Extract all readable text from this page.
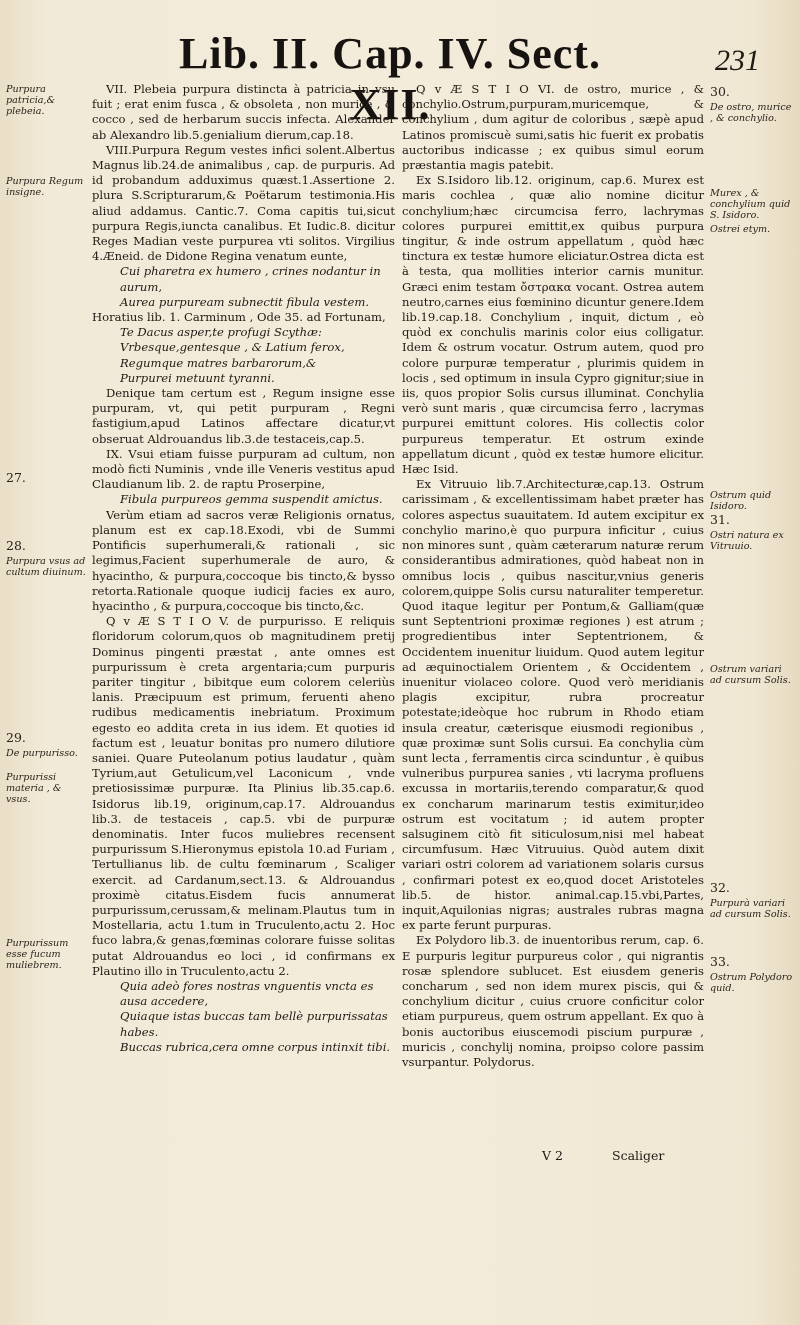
Lib. II. Cap. IV. Sect. XII.
231
Purpura patricia,& plebeia.
Purpura Regum insigne.
27.
28.
Purpura vsus ad cultum diuinum.
29.
De purpurisso.
Purpurissi materia , & vsus.
Purpurissum esse fucum muliebrem.
30.
De ostro, murice , & conchylio.
Murex , & conchylium quid S. Isidoro.
Ostrei etym.
Ostrum quid Isidoro.
31.
Ostri natura ex Vitruuio.
Ostrum variari ad cursum Solis.
32.
Purpurà variari ad cursum Solis.
33.
Ostrum Polydoro quid.

VII. Plebeia purpura distincta à patricia in vsu fuit ; erat enim fusca , & obsoleta , non murice , & cocco , sed de herbarum succis infecta. Alexander ab Alexandro lib.5.genialium dierum,cap.18.

VIII.Purpura Regum vestes infici solent.Albertus Magnus lib.24.de animalibus , cap. de purpuris. Ad id probandum adduximus quæst.1.Assertione 2. plura S.Scripturarum,& Poëtarum testimonia.His aliud addamus. Cantic.7. Coma capitis tui,sicut purpura Regis,iuncta canalibus. Et Iudic.8. dicitur Reges Madian veste purpurea vti solitos. Virgilius 4.Æneid. de Didone Regina venatum eunte,

Cui pharetra ex humero , crines nodantur in aurum,

Aurea purpuream subnectit fibula vestem.

Horatius lib. 1. Carminum , Ode 35. ad Fortunam,

Te Dacus asper,te profugi Scythæ:

Vrbesque,gentesque , & Latium ferox,

Regumque matres barbarorum,&

Purpurei metuunt tyranni.

Denique tam certum est , Regum insigne esse purpuram, vt, qui petit purpuram , Regni fastigium,apud Latinos affectare dicatur,vt obseruat Aldrouandus lib.3.de testaceis,cap.5.

IX. Vsui etiam fuisse purpuram ad cultum, non modò ficti Numinis , vnde ille Veneris vestitus apud Claudianum lib. 2. de raptu Proserpine,

Fibula purpureos gemma suspendit amictus.

Verùm etiam ad sacros veræ Religionis ornatus, planum est ex cap.18.Exodi, vbi de Summi Pontificis superhumerali,& rationali , sic legimus,Facient superhumerale de auro, & hyacintho, & purpura,coccoque bis tincto,& bysso retorta.Rationale quoque iudicij facies ex auro, hyacintho , & purpura,coccoque bis tincto,&c.

Q v Æ S T I O V. de purpurisso. E reliquis floridorum colorum,quos ob magnitudinem pretij Dominus pingenti præstat , ante omnes est purpurissum è creta argentaria;cum purpuris pariter tingitur , bibitque eum colorem celeriùs lanis. Præcipuum est primum, feruenti aheno rudibus medicamentis inebriatum. Proximum egesto eo addita creta in ius idem. Et quoties id factum est , leuatur bonitas pro numero dilutiore saniei. Quare Puteolanum potius laudatur , quàm Tyrium,aut Getulicum,vel Laconicum , vnde pretiosissimæ purpuræ. Ita Plinius lib.35.cap.6. Isidorus lib.19, originum,cap.17. Aldrouandus lib.3. de testaceis , cap.5. vbi de purpuræ denominatis. Inter fucos muliebres recensent purpurissum S.Hieronymus epistola 10.ad Furiam , Tertullianus lib. de cultu fœminarum , Scaliger exercit. ad Cardanum,sect.13. & Aldrouandus proximè citatus.Eisdem fucis annumerat purpurissum,cerussam,& melinam.Plautus tum in Mostellaria, actu 1.tum in Truculento,actu 2. Hoc fuco labra,& genas,fœminas colorare fuisse solitas putat Aldrouandus eo loci , id confirmans ex Plautino illo in Truculento,actu 2.

Quia adeò fores nostras vnguentis vncta es ausa accedere,

Quiaque istas buccas tam bellè purpurissatas habes.

Buccas rubrica,cera omne corpus intinxit tibi.

Q v Æ S T I O VI. de ostro, murice , & conchylio.Ostrum,purpuram,muricemque, & conchylium , dum agitur de coloribus , sæpè apud Latinos promiscuè sumi,satis hic fuerit ex probatis auctoribus indicasse ; ex quibus simul eorum præstantia magis patebit.

Ex S.Isidoro lib.12. originum, cap.6. Murex est maris cochlea , quæ alio nomine dicitur conchylium;hæc circumcisa ferro, lachrymas colores purpurei emittit,ex quibus purpura tingitur, & inde ostrum appellatum , quòd hæc tinctura ex testæ humore eliciatur.Ostrea dicta est à testa, qua mollities interior carnis munitur. Græci enim testam ὄστρακα vocant. Ostrea autem neutro,carnes eius fœminino dicuntur genere.Idem lib.19.cap.18. Conchylium , inquit, dictum , eò quòd ex conchulis marinis color eius colligatur. Idem & ostrum vocatur. Ostrum autem, quod pro colore purpuræ temperatur , plurimis quidem in locis , sed optimum in insula Cypro gignitur;siue in iis, quos propior Solis cursus illuminat. Conchylia verò sunt maris , quæ circumcisa ferro , lacrymas purpurei emittunt colores. His collectis color purpureus temperatur. Et ostrum exinde appellatum dicunt , quòd ex testæ humore elicitur. Hæc Isid.

Ex Vitruuio lib.7.Architecturæ,cap.13. Ostrum carissimam , & excellentissimam habet præter has colores aspectus suauitatem. Id autem excipitur ex conchylio marino,è quo purpura inficitur , cuius non minores sunt , quàm cæterarum naturæ rerum considerantibus admirationes, quòd habeat non in omnibus locis , quibus nascitur,vnius generis colorem,quippe Solis cursu naturaliter temperetur. Quod itaque legitur per Pontum,& Galliam(quæ sunt Septentrioni proximæ regiones ) est atrum ; progredientibus inter Septentrionem, & Occidentem inuenitur liuidum. Quod autem legitur ad æquinoctialem Orientem , & Occidentem , inuenitur violaceo colore. Quod verò meridianis plagis excipitur, rubra procreatur potestate;ideòque hoc rubrum in Rhodo etiam insula creatur, cæterisque eiusmodi regionibus , quæ proximæ sunt Solis cursui. Ea conchylia cùm sunt lecta , ferramentis circa scinduntur , è quibus vulneribus purpurea sanies , vti lacryma profluens excussa in mortariis,terendo comparatur,& quod ex concharum marinarum testis eximitur,ideo ostrum est vocitatum ; id autem propter salsuginem citò fit siticulosum,nisi mel habeat circumfusum. Hæc Vitruuius. Quòd autem dixit variari ostri colorem ad variationem solaris cursus , confirmari potest ex eo,quod docet Aristoteles lib.5. de histor. animal.cap.15.vbi,Partes, inquit,Aquilonias nigras; australes rubras magna ex parte ferunt purpuras.

Ex Polydoro lib.3. de inuentoribus rerum, cap. 6. E purpuris legitur purpureus color , qui nigrantis rosæ splendore sublucet. Est eiusdem generis concharum , sed non idem murex piscis, qui & conchylium dicitur , cuius cruore conficitur color etiam purpureus, quem ostrum appellant. Ex quo à bonis auctoribus eiuscemodi piscium purpuræ , muricis , conchylij nomina, proipso colore passim vsurpantur. Polydorus.

V 2	Scaliger
